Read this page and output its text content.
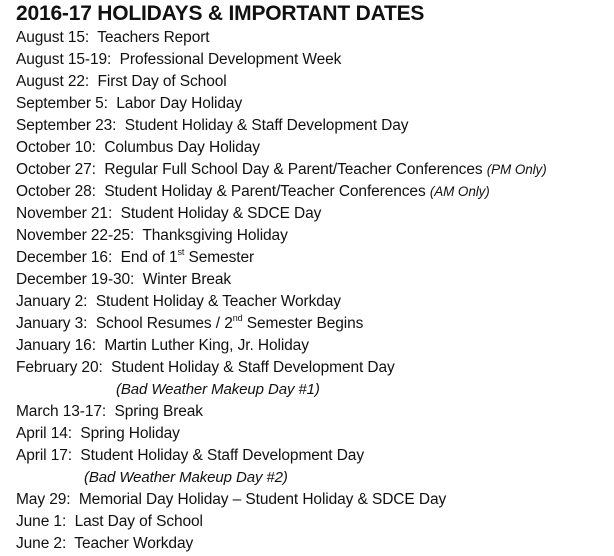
2016-17 HOLIDAYS & IMPORTANT DATES
August 15: Teachers Report
August 15-19: Professional Development Week
August 22: First Day of School
September 5: Labor Day Holiday
September 23: Student Holiday & Staff Development Day
October 10: Columbus Day Holiday
October 27: Regular Full School Day & Parent/Teacher Conferences (PM Only)
October 28: Student Holiday & Parent/Teacher Conferences (AM Only)
November 21: Student Holiday & SDCE Day
November 22-25: Thanksgiving Holiday
December 16: End of 1st Semester
December 19-30: Winter Break
January 2: Student Holiday & Teacher Workday
January 3: School Resumes / 2nd Semester Begins
January 16: Martin Luther King, Jr. Holiday
February 20: Student Holiday & Staff Development Day
(Bad Weather Makeup Day #1)
March 13-17: Spring Break
April 14: Spring Holiday
April 17: Student Holiday & Staff Development Day
(Bad Weather Makeup Day #2)
May 29: Memorial Day Holiday – Student Holiday & SDCE Day
June 1: Last Day of School
June 2: Teacher Workday
